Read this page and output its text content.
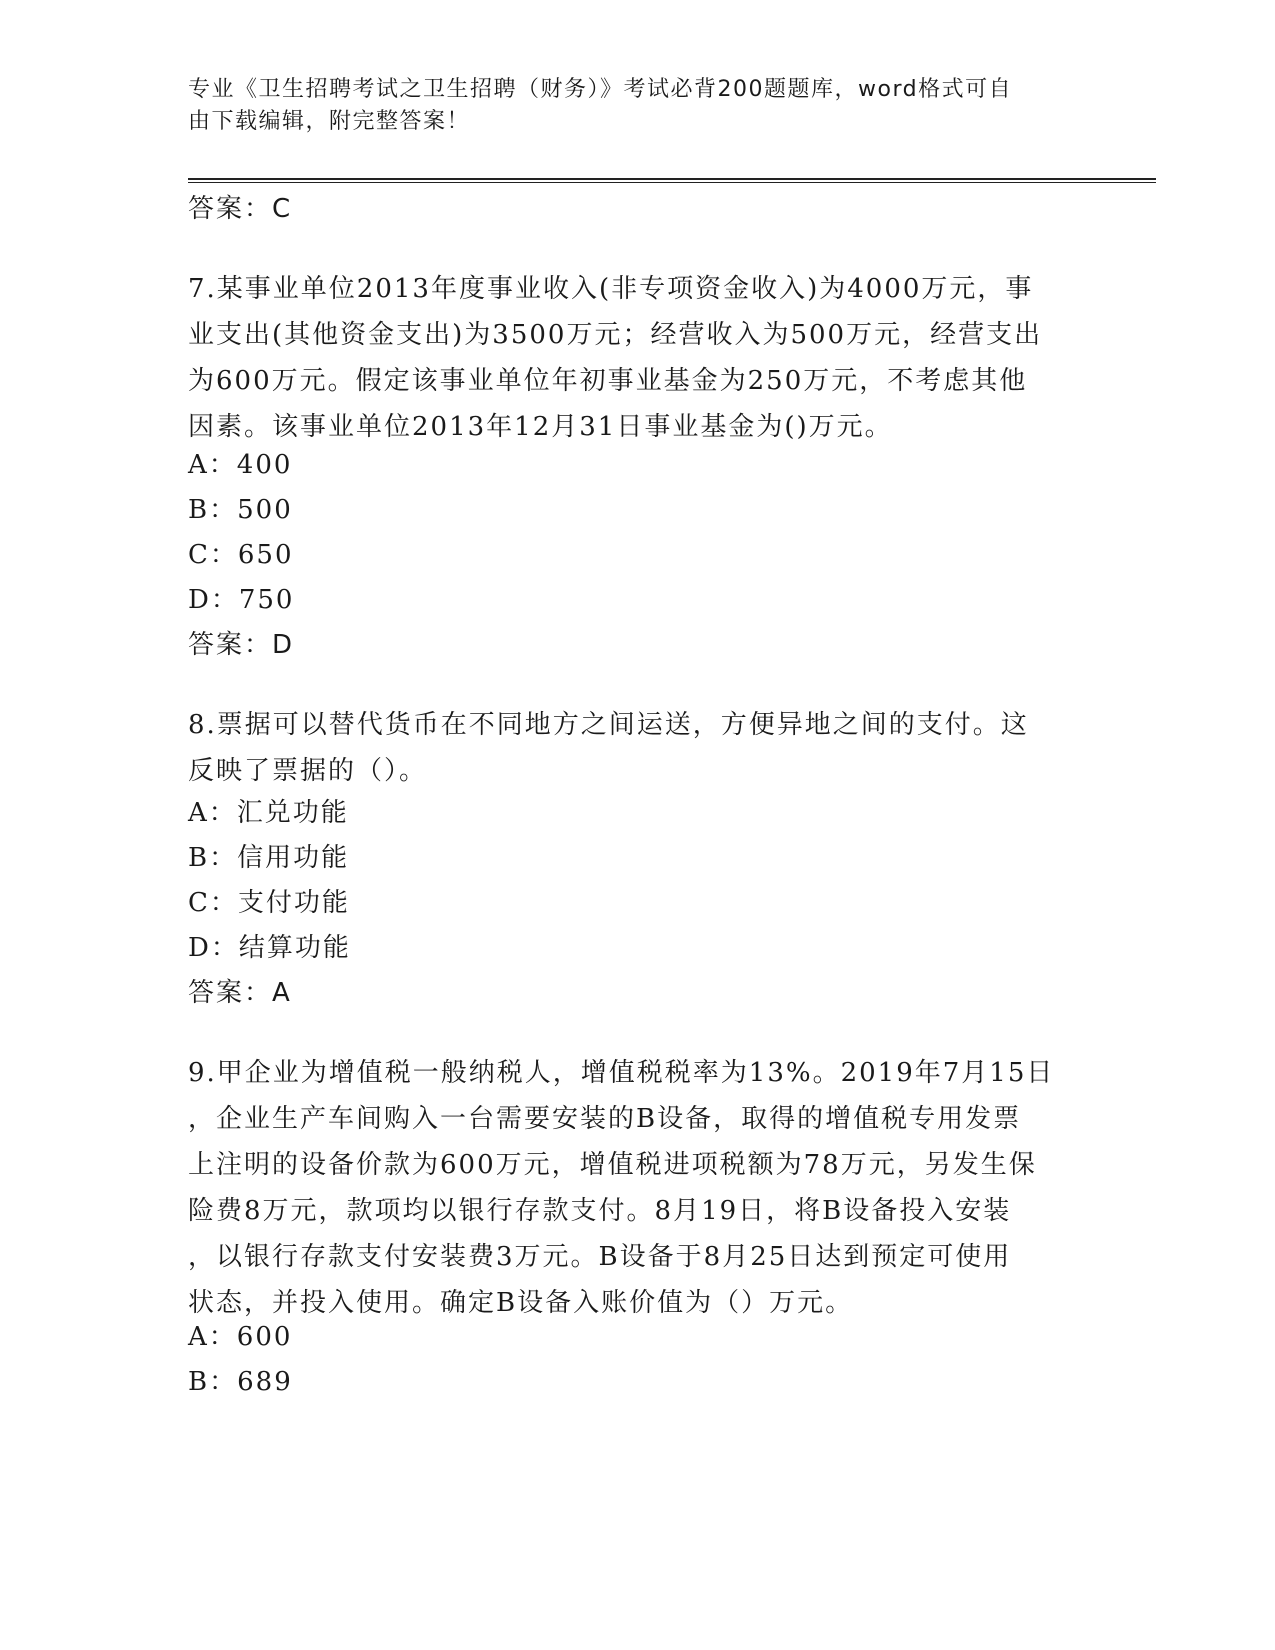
专业《卫生招聘考试之卫生招聘（财务）》考试必背200题题库，word格式可自
由下载编辑，附完整答案！
答案：C
7.某事业单位2013年度事业收入(非专项资金收入)为4000万元，事
业支出(其他资金支出)为3500万元；经营收入为500万元，经营支出
为600万元。假定该事业单位年初事业基金为250万元，不考虑其他
因素。该事业单位2013年12月31日事业基金为()万元。
A：400
B：500
C：650
D：750
答案：D
8.票据可以替代货币在不同地方之间运送，方便异地之间的支付。这
反映了票据的（）。
A：汇兑功能
B：信用功能
C：支付功能
D：结算功能
答案：A
9.甲企业为增值税一般纳税人，增值税税率为13%。2019年7月15日
，企业生产车间购入一台需要安装的B设备，取得的增值税专用发票
上注明的设备价款为600万元，增值税进项税额为78万元，另发生保
险费8万元，款项均以银行存款支付。8月19日，将B设备投入安装
，以银行存款支付安装费3万元。B设备于8月25日达到预定可使用
状态，并投入使用。确定B设备入账价值为（）万元。
A：600
B：689
